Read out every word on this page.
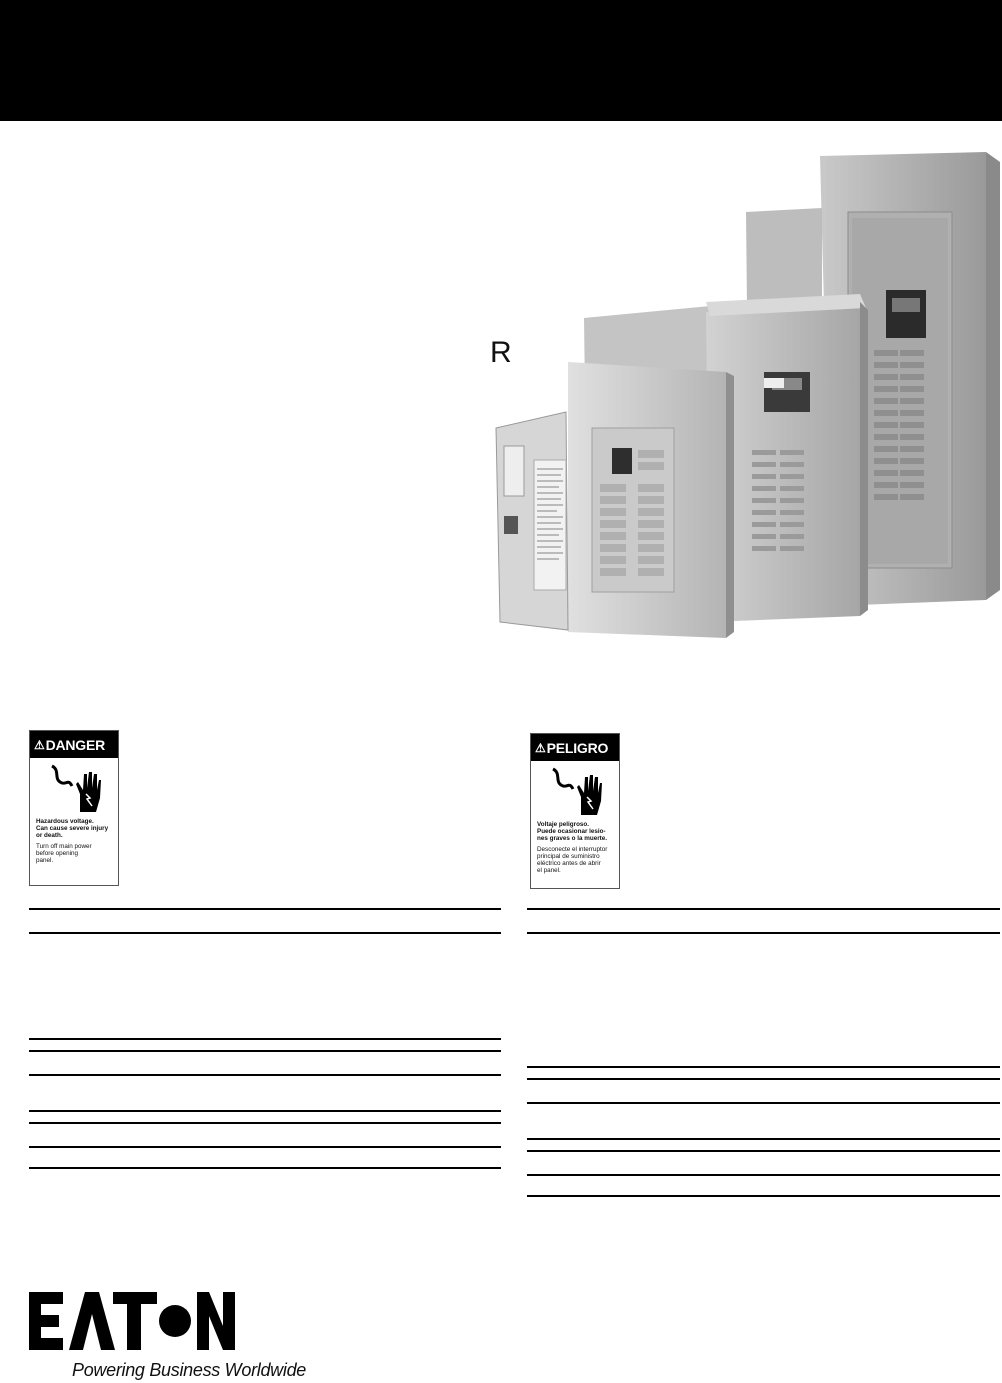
R
⚠ DANGER
Hazardous voltage.
Can cause severe injury
or death.
Turn off main power
before opening
panel.
⚠ PELIGRO
Voltaje peligroso.
Puede ocasionar lesio-
nes graves o la muerte.
Desconecte el interruptor
principal de suministro
eléctrico antes de abrir
el panel.
Powering Business Worldwide
